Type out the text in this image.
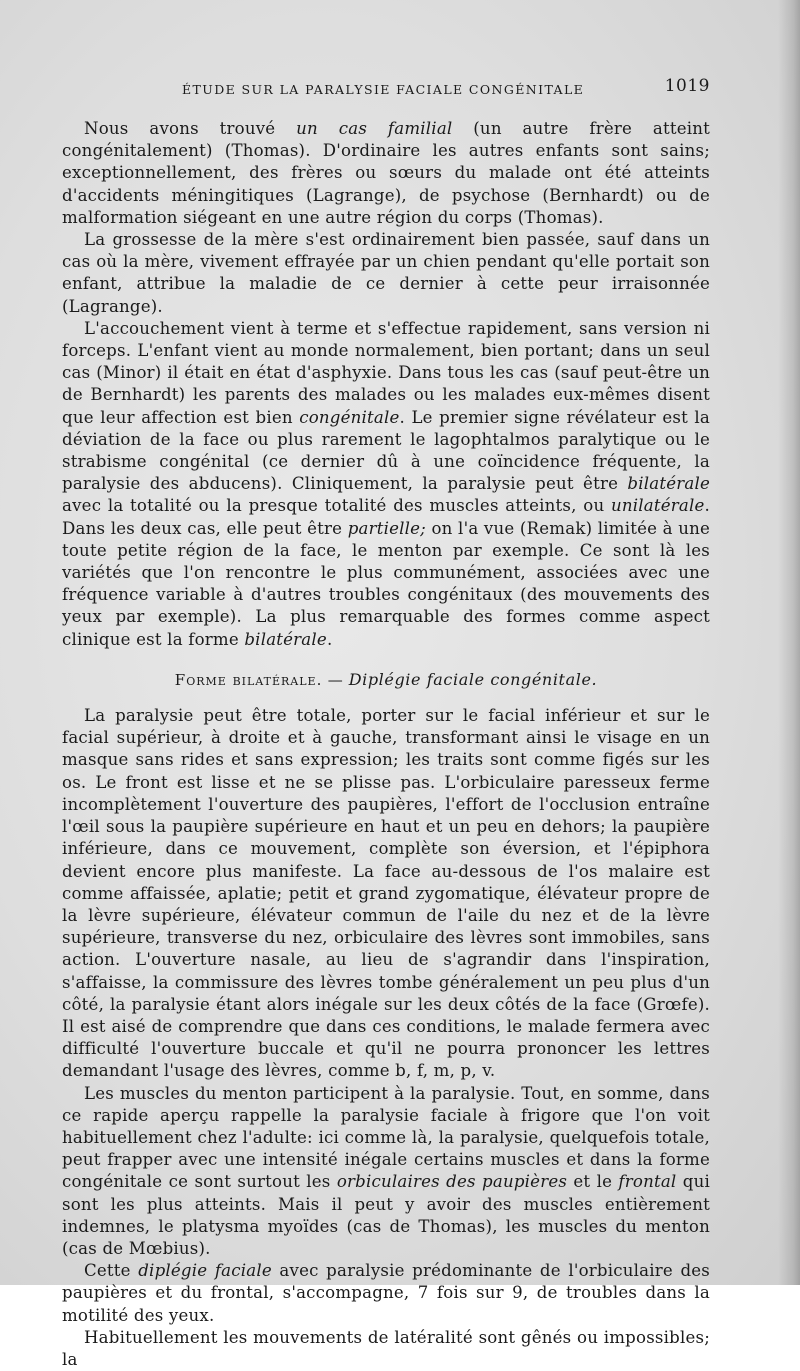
ÉTUDE SUR LA PARALYSIE FACIALE CONGÉNITALE	1019

Nous avons trouvé un cas familial (un autre frère atteint congénitalement) (Thomas). D'ordinaire les autres enfants sont sains; exceptionnellement, des frères ou sœurs du malade ont été atteints d'accidents méningitiques (Lagrange), de psychose (Bernhardt) ou de malformation siégeant en une autre région du corps (Thomas).

La grossesse de la mère s'est ordinairement bien passée, sauf dans un cas où la mère, vivement effrayée par un chien pendant qu'elle portait son enfant, attribue la maladie de ce dernier à cette peur irraisonnée (Lagrange).

L'accouchement vient à terme et s'effectue rapidement, sans version ni forceps. L'enfant vient au monde normalement, bien portant; dans un seul cas (Minor) il était en état d'asphyxie. Dans tous les cas (sauf peut-être un de Bernhardt) les parents des malades ou les malades eux-mêmes disent que leur affection est bien congénitale. Le premier signe révélateur est la déviation de la face ou plus rarement le lagophtalmos paralytique ou le strabisme congénital (ce dernier dû à une coïncidence fréquente, la paralysie des abducens). Cliniquement, la paralysie peut être bilatérale avec la totalité ou la presque totalité des muscles atteints, ou unilatérale. Dans les deux cas, elle peut être partielle; on l'a vue (Remak) limitée à une toute petite région de la face, le menton par exemple. Ce sont là les variétés que l'on rencontre le plus communément, associées avec une fréquence variable à d'autres troubles congénitaux (des mouvements des yeux par exemple). La plus remarquable des formes comme aspect clinique est la forme bilatérale.

Forme bilatérale. — Diplégie faciale congénitale.

La paralysie peut être totale, porter sur le facial inférieur et sur le facial supérieur, à droite et à gauche, transformant ainsi le visage en un masque sans rides et sans expression; les traits sont comme figés sur les os. Le front est lisse et ne se plisse pas. L'orbiculaire paresseux ferme incomplètement l'ouverture des paupières, l'effort de l'occlusion entraîne l'œil sous la paupière supérieure en haut et un peu en dehors; la paupière inférieure, dans ce mouvement, complète son éversion, et l'épiphora devient encore plus manifeste. La face au-dessous de l'os malaire est comme affaissée, aplatie; petit et grand zygomatique, élévateur propre de la lèvre supérieure, élévateur commun de l'aile du nez et de la lèvre supérieure, transverse du nez, orbiculaire des lèvres sont immobiles, sans action. L'ouverture nasale, au lieu de s'agrandir dans l'inspiration, s'affaisse, la commissure des lèvres tombe généralement un peu plus d'un côté, la paralysie étant alors inégale sur les deux côtés de la face (Grœfe). Il est aisé de comprendre que dans ces conditions, le malade fermera avec difficulté l'ouverture buccale et qu'il ne pourra prononcer les lettres demandant l'usage des lèvres, comme b, f, m, p, v.

Les muscles du menton participent à la paralysie. Tout, en somme, dans ce rapide aperçu rappelle la paralysie faciale à frigore que l'on voit habituellement chez l'adulte: ici comme là, la paralysie, quelquefois totale, peut frapper avec une intensité inégale certains muscles et dans la forme congénitale ce sont surtout les orbiculaires des paupières et le frontal qui sont les plus atteints. Mais il peut y avoir des muscles entièrement indemnes, le platysma myoïdes (cas de Thomas), les muscles du menton (cas de Mœbius).

Cette diplégie faciale avec paralysie prédominante de l'orbiculaire des paupières et du frontal, s'accompagne, 7 fois sur 9, de troubles dans la motilité des yeux.

Habituellement les mouvements de latéralité sont gênés ou impossibles; la
